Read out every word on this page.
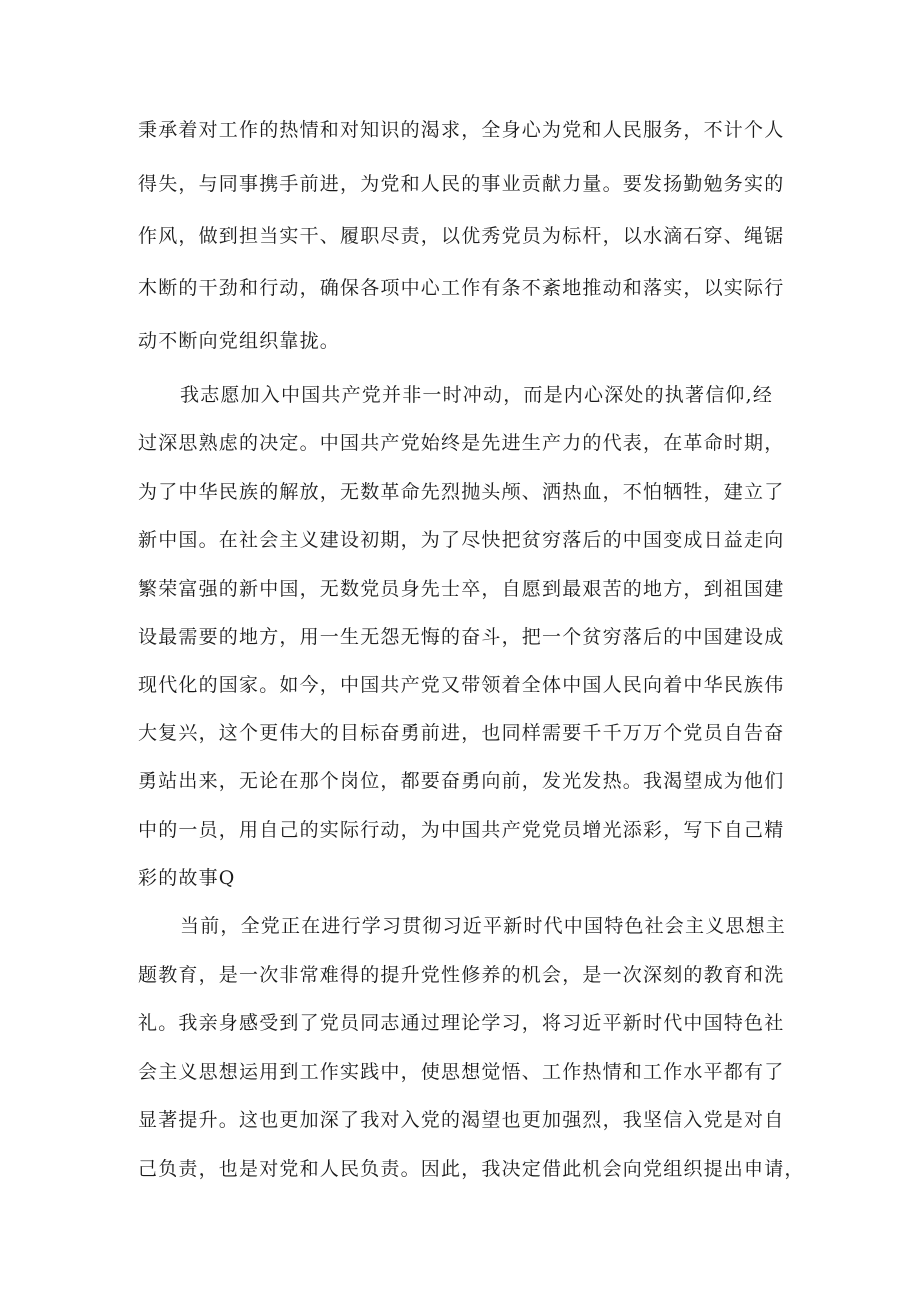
秉承着对工作的热情和对知识的渴求，全身心为党和人民服务，不计个人
得失，与同事携手前进，为党和人民的事业贡献力量。要发扬勤勉务实的
作风，做到担当实干、履职尽责，以优秀党员为标杆，以水滴石穿、绳锯
木断的干劲和行动，确保各项中心工作有条不紊地推动和落实，以实际行
动不断向党组织靠拢。
我志愿加入中国共产党并非一时冲动，而是内心深处的执著信仰,经
过深思熟虑的决定。中国共产党始终是先进生产力的代表，在革命时期，
为了中华民族的解放，无数革命先烈抛头颅、洒热血，不怕牺牲，建立了
新中国。在社会主义建设初期，为了尽快把贫穷落后的中国变成日益走向
繁荣富强的新中国，无数党员身先士卒，自愿到最艰苦的地方，到祖国建
设最需要的地方，用一生无怨无悔的奋斗，把一个贫穷落后的中国建设成
现代化的国家。如今，中国共产党又带领着全体中国人民向着中华民族伟
大复兴，这个更伟大的目标奋勇前进，也同样需要千千万万个党员自告奋
勇站出来，无论在那个岗位，都要奋勇向前，发光发热。我渴望成为他们
中的一员，用自己的实际行动，为中国共产党党员增光添彩，写下自己精
彩的故事Q
当前，全党正在进行学习贯彻习近平新时代中国特色社会主义思想主
题教育，是一次非常难得的提升党性修养的机会，是一次深刻的教育和洗
礼。我亲身感受到了党员同志通过理论学习，将习近平新时代中国特色社
会主义思想运用到工作实践中，使思想觉悟、工作热情和工作水平都有了
显著提升。这也更加深了我对入党的渴望也更加强烈，我坚信入党是对自
己负责，也是对党和人民负责。因此，我决定借此机会向党组织提出申请，
